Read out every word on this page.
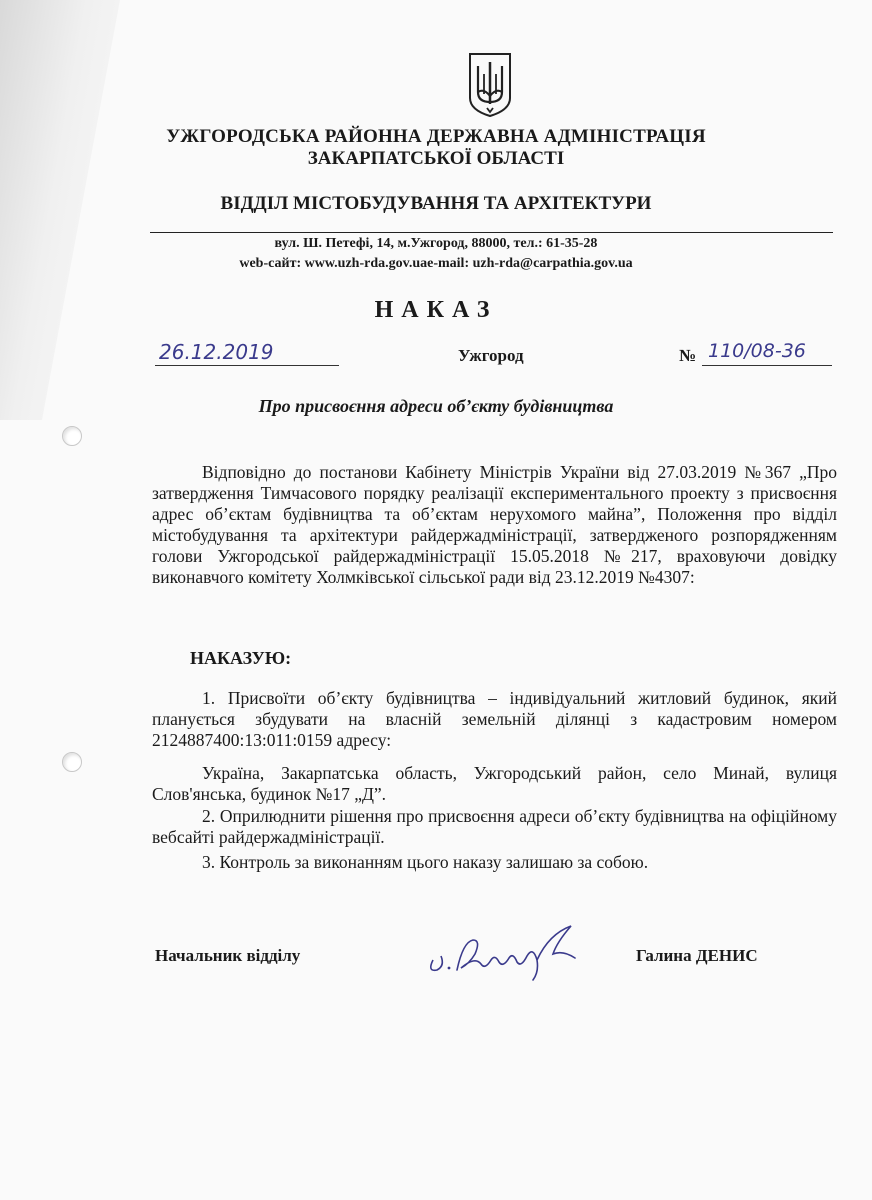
УЖГОРОДСЬКА РАЙОННА ДЕРЖАВНА АДМІНІСТРАЦІЯ
ЗАКАРПАТСЬКОЇ ОБЛАСТІ
ВІДДІЛ МІСТОБУДУВАННЯ ТА АРХІТЕКТУРИ
вул. Ш. Петефі, 14, м.Ужгород, 88000, тел.: 61-35-28
web-сайт: www.uzh-rda.gov.uae-mail: uzh-rda@carpathia.gov.ua
НАКАЗ
26.12.2019	Ужгород	№ 110/08-36
Про присвоєння адреси об’єкту будівництва
Відповідно до постанови Кабінету Міністрів України від 27.03.2019 №367 „Про затвердження Тимчасового порядку реалізації експериментального проекту з присвоєння адрес об’єктам будівництва та об’єктам нерухомого майна”, Положення про відділ містобудування та архітектури райдержадміністрації, затвердженого розпорядженням голови Ужгородської райдержадміністрації 15.05.2018 №217, враховуючи довідку виконавчого комітету Холмківської сільської ради від 23.12.2019 №4307:
НАКАЗУЮ:
1. Присвоїти об’єкту будівництва – індивідуальний житловий будинок, який планується збудувати на власній земельній ділянці з кадастровим номером 2124887400:13:011:0159 адресу:
Україна, Закарпатська область, Ужгородський район, село Минай, вулиця Слов'янська, будинок №17 „Д”.
2. Оприлюднити рішення про присвоєння адреси об’єкту будівництва на офіційному вебсайті райдержадміністрації.
3. Контроль за виконанням цього наказу залишаю за собою.
Начальник відділу	Галина ДЕНИС
